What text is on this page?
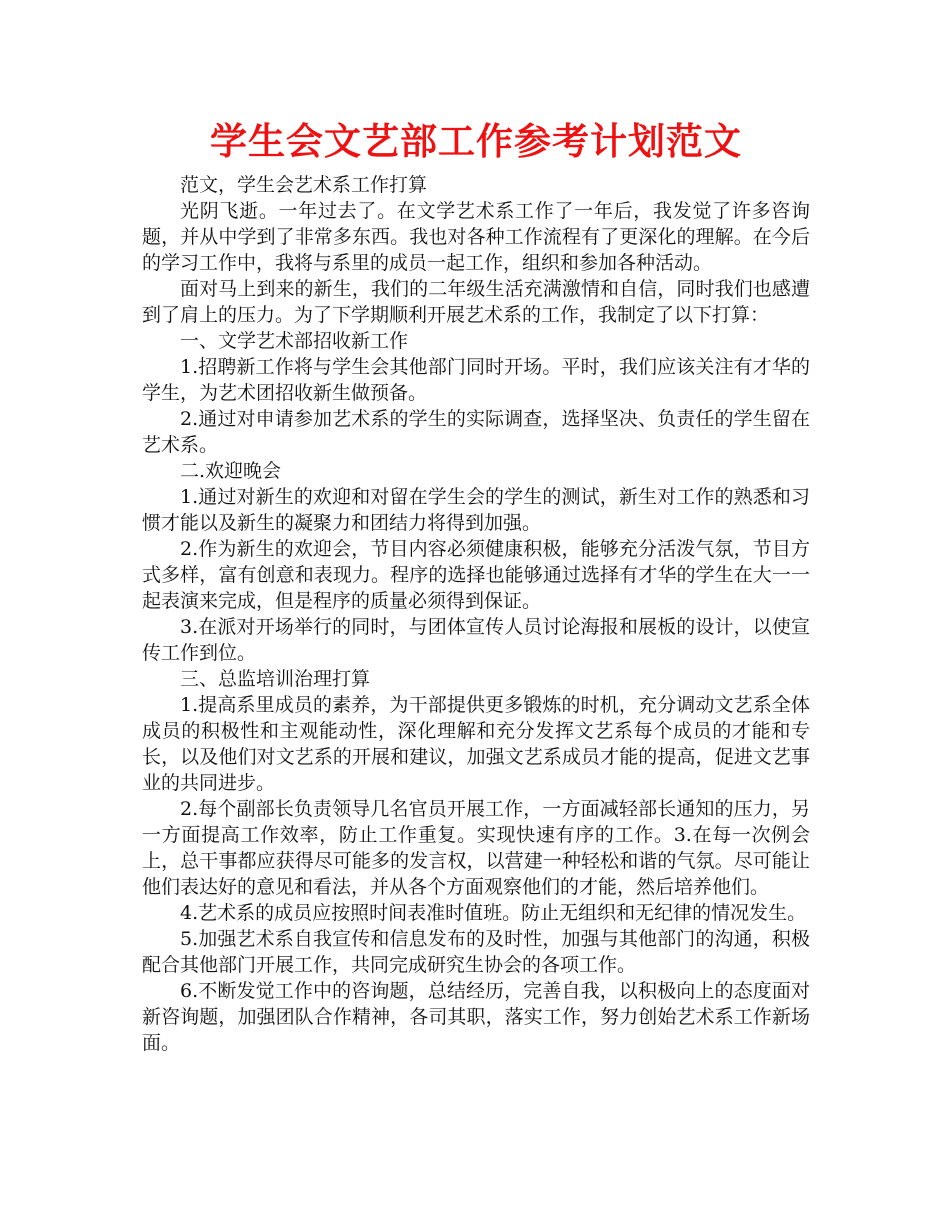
学生会文艺部工作参考计划范文

范文，学生会艺术系工作打算

光阴飞逝。一年过去了。在文学艺术系工作了一年后，我发觉了许多咨询题，并从中学到了非常多东西。我也对各种工作流程有了更深化的理解。在今后的学习工作中，我将与系里的成员一起工作，组织和参加各种活动。

面对马上到来的新生，我们的二年级生活充满激情和自信，同时我们也感遭到了肩上的压力。为了下学期顺利开展艺术系的工作，我制定了以下打算：

一、文学艺术部招收新工作

1.招聘新工作将与学生会其他部门同时开场。平时，我们应该关注有才华的学生，为艺术团招收新生做预备。

2.通过对申请参加艺术系的学生的实际调查，选择坚决、负责任的学生留在艺术系。

二.欢迎晚会

1.通过对新生的欢迎和对留在学生会的学生的测试，新生对工作的熟悉和习惯才能以及新生的凝聚力和团结力将得到加强。

2.作为新生的欢迎会，节目内容必须健康积极，能够充分活泼气氛，节目方式多样，富有创意和表现力。程序的选择也能够通过选择有才华的学生在大一一起表演来完成，但是程序的质量必须得到保证。

3.在派对开场举行的同时，与团体宣传人员讨论海报和展板的设计，以使宣传工作到位。

三、总监培训治理打算

1.提高系里成员的素养，为干部提供更多锻炼的时机，充分调动文艺系全体成员的积极性和主观能动性，深化理解和充分发挥文艺系每个成员的才能和专长，以及他们对文艺系的开展和建议，加强文艺系成员才能的提高，促进文艺事业的共同进步。

2.每个副部长负责领导几名官员开展工作，一方面减轻部长通知的压力，另一方面提高工作效率，防止工作重复。实现快速有序的工作。3.在每一次例会上，总干事都应获得尽可能多的发言权，以营建一种轻松和谐的气氛。尽可能让他们表达好的意见和看法，并从各个方面观察他们的才能，然后培养他们。

4.艺术系的成员应按照时间表准时值班。防止无组织和无纪律的情况发生。

5.加强艺术系自我宣传和信息发布的及时性，加强与其他部门的沟通，积极配合其他部门开展工作，共同完成研究生协会的各项工作。

6.不断发觉工作中的咨询题，总结经历，完善自我，以积极向上的态度面对新咨询题，加强团队合作精神，各司其职，落实工作，努力创始艺术系工作新场面。
